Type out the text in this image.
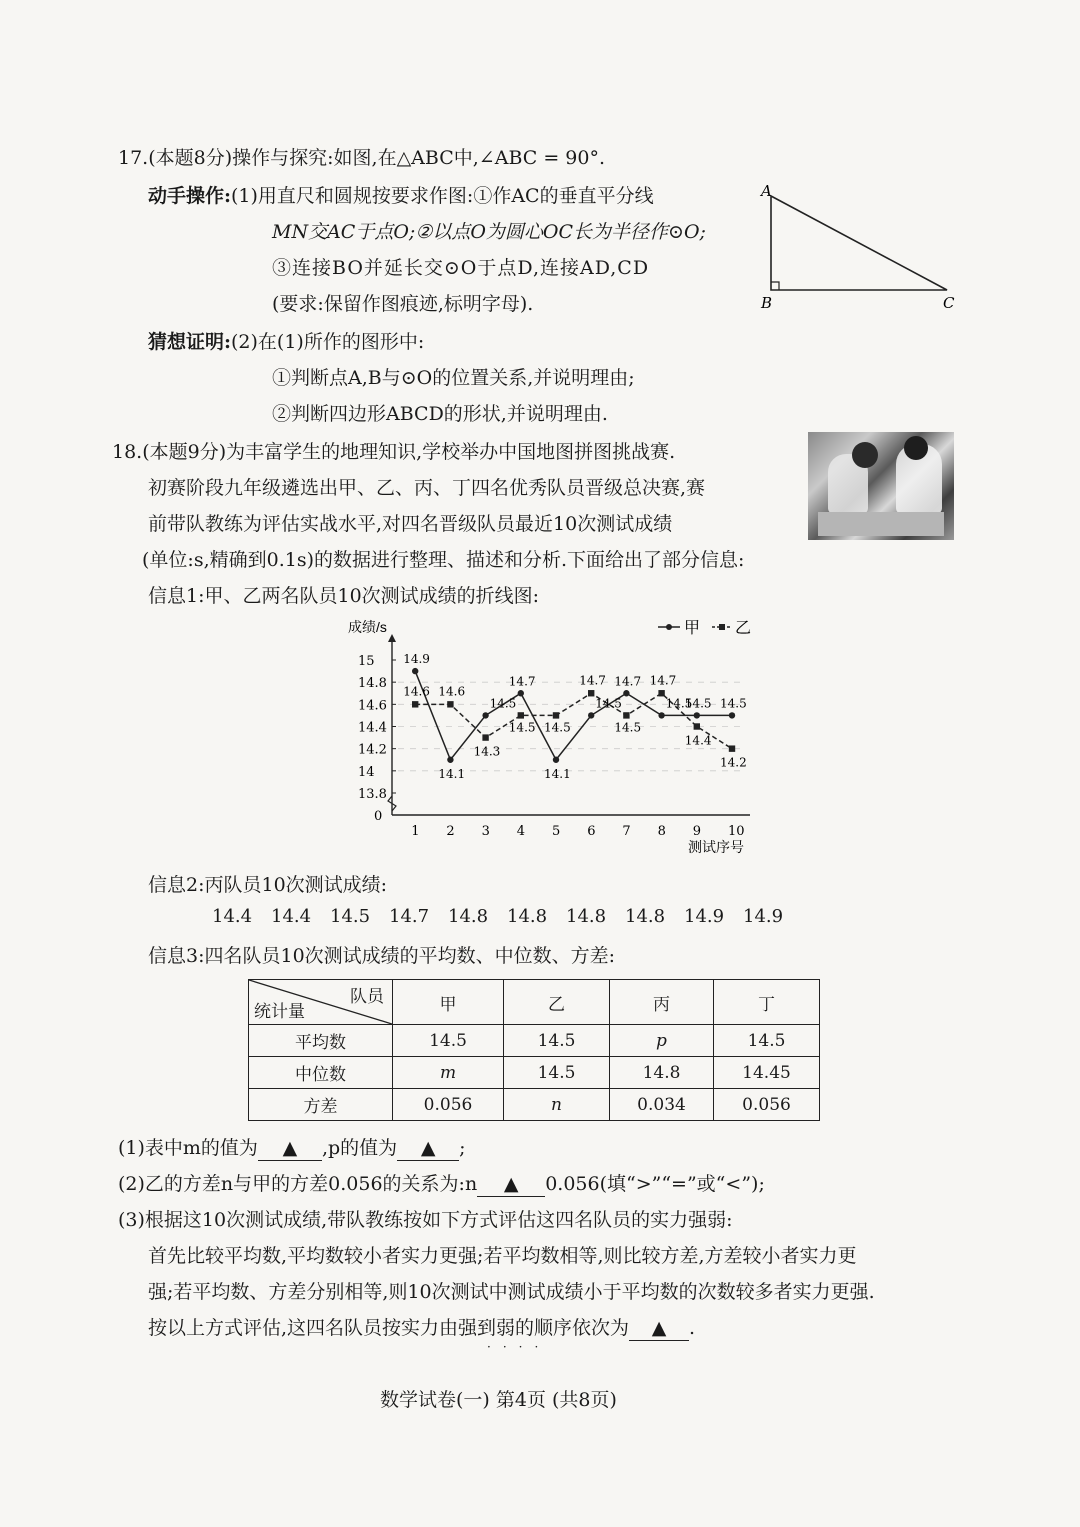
17.(本题8分)操作与探究:如图,在△ABC中,∠ABC = 90°.
动手操作:(1)用直尺和圆规按要求作图:①作AC的垂直平分线
MN交AC于点O;②以点O为圆心OC长为半径作⊙O;
③连接BO并延长交⊙O于点D,连接AD,CD
(要求:保留作图痕迹,标明字母).
猜想证明:(2)在(1)所作的图形中:
①判断点A,B与⊙O的位置关系,并说明理由;
②判断四边形ABCD的形状,并说明理由.
A
B	C
18.(本题9分)为丰富学生的地理知识,学校举办中国地图拼图挑战赛.
初赛阶段九年级遴选出甲、乙、丙、丁四名优秀队员晋级总决赛,赛
前带队教练为评估实战水平,对四名晋级队员最近10次测试成绩
(单位:s,精确到0.1s)的数据进行整理、描述和分析.下面给出了部分信息:
信息1:甲、乙两名队员10次测试成绩的折线图:
成绩/s
测试序号
甲 乙
0
13.8
14
14.2
14.4
14.6
14.8
15
1 2 3 4 5 6 7 8 9 10
14.9
14.1
14.7
14.1
14.7
14.5 14.5
14.6 14.6
14.3
14.5 14.5
14.7
14.5
14.7
14.4
14.2
14.5	14.5	14.5
信息2:丙队员10次测试成绩:
14.4 14.4 14.5 14.7 14.8 14.8 14.8 14.8 14.9 14.9
信息3:四名队员10次测试成绩的平均数、中位数、方差:
队员
统计量	甲	乙	丙	丁
平均数	14.5	14.5	p	14.5
中位数	m	14.5	14.8	14.45
方差	0.056	n	0.034	0.056
(1)表中m的值为 ▲ ,p的值为 ▲ ;
(2)乙的方差n与甲的方差0.056的关系为:n ▲ 0.056(填“>”“=”或“<”);
(3)根据这10次测试成绩,带队教练按如下方式评估这四名队员的实力强弱:
首先比较平均数,平均数较小者实力更强;若平均数相等,则比较方差,方差较小者实力更
强;若平均数、方差分别相等,则10次测试中测试成绩小于平均数的次数较多者实力更强.
按以上方式评估,这四名队员按实力由强到弱的顺序依次为 ▲ .
····
数学试卷(一) 第4页 (共8页)
